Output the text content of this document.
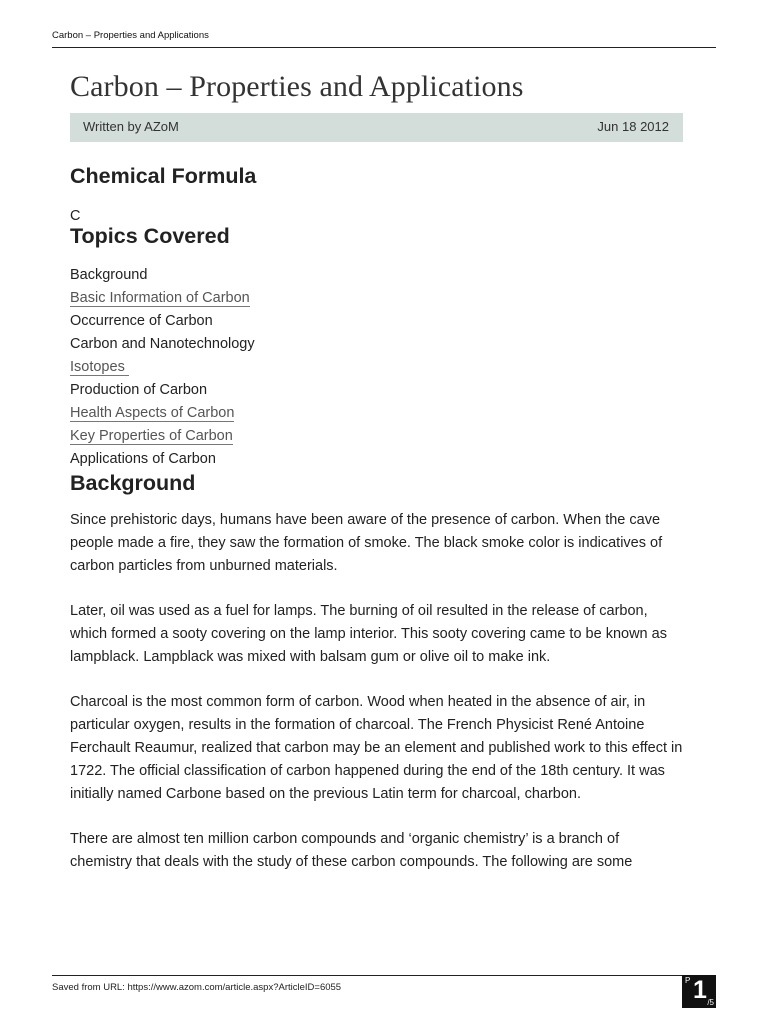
Carbon – Properties and Applications
Carbon – Properties and Applications
Written by AZoM	Jun 18 2012
Chemical Formula
C
Topics Covered
Background
Basic Information of Carbon
Occurrence of Carbon
Carbon and Nanotechnology
Isotopes
Production of Carbon
Health Aspects of Carbon
Key Properties of Carbon
Applications of Carbon
Background

Since prehistoric days, humans have been aware of the presence of carbon. When the cave people made a fire, they saw the formation of smoke. The black smoke color is indicatives of carbon particles from unburned materials.

Later, oil was used as a fuel for lamps. The burning of oil resulted in the release of carbon, which formed a sooty covering on the lamp interior. This sooty covering came to be known as lampblack. Lampblack was mixed with balsam gum or olive oil to make ink.

Charcoal is the most common form of carbon. Wood when heated in the absence of air, in particular oxygen, results in the formation of charcoal. The French Physicist René Antoine Ferchault Reaumur, realized that carbon may be an element and published work to this effect in 1722. The official classification of carbon happened during the end of the 18th century. It was initially named Carbone based on the previous Latin term for charcoal, charbon.

There are almost ten million carbon compounds and ‘organic chemistry’ is a branch of chemistry that deals with the study of these carbon compounds. The following are some

Saved from URL: https://www.azom.com/article.aspx?ArticleID=6055
P 1 /5
